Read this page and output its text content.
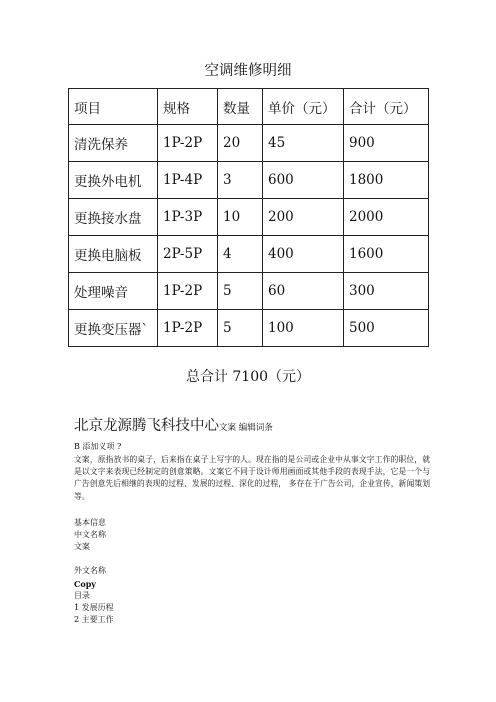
空调维修明细
项目	规格	数量	单价（元）	合计（元）
清洗保养	1P-2P	20	45	900
更换外电机	1P-4P	3	600	1800
更换接水盘	1P-3P	10	200	2000
更换电脑板	2P-5P	4	400	1600
处理噪音	1P-2P	5	60	300
更换变压器`	1P-2P	5	100	500
总合计 7100（元）
北京龙源腾飞科技中心文案 编辑词条
B 添加义项 ?

文案，原指放书的桌子，后来指在桌子上写字的人。现在指的是公司或企业中从事文字工作的职位，就是以文字来表现已经制定的创意策略。文案它不同于设计师用画面或其他手段的表现手法，它是一个与广告创意先后相继的表现的过程、发展的过程、深化的过程， 多存在于广告公司，企业宣传，新闻策划等。

基本信息
中文名称
文案
外文名称
Copy
目录
1 发展历程
2 主要工作
